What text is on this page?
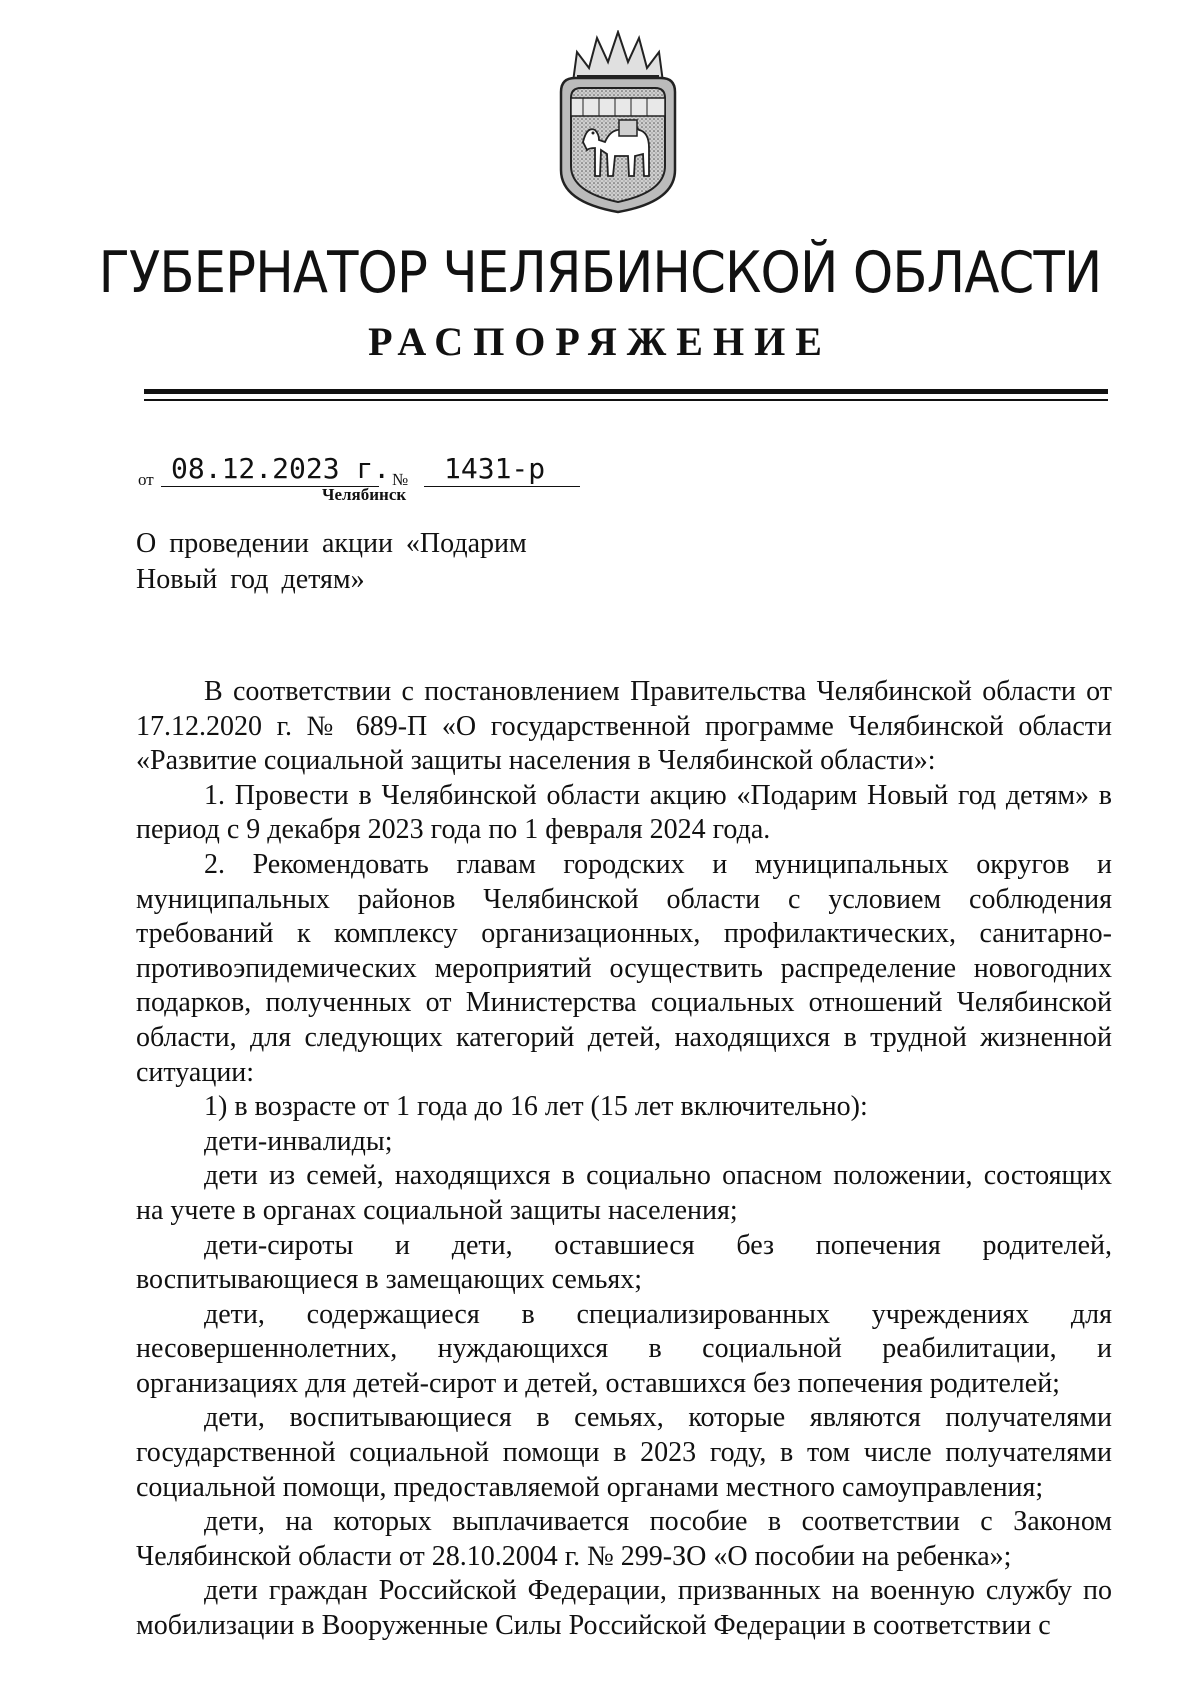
ГУБЕРНАТОР ЧЕЛЯБИНСКОЙ ОБЛАСТИ
РАСПОРЯЖЕНИЕ
от 08.12.2023 г. №	1431-р
Челябинск
О проведении акции «Подарим
Новый год детям»

В соответствии с постановлением Правительства Челябинской области от 17.12.2020 г. № 689-П «О государственной программе Челябинской области «Развитие социальной защиты населения в Челябинской области»:

1. Провести в Челябинской области акцию «Подарим Новый год детям» в период с 9 декабря 2023 года по 1 февраля 2024 года.

2. Рекомендовать главам городских и муниципальных округов и муниципальных районов Челябинской области с условием соблюдения требований к комплексу организационных, профилактических, санитарно-противоэпидемических мероприятий осуществить распределение новогодних подарков, полученных от Министерства социальных отношений Челябинской области, для следующих категорий детей, находящихся в трудной жизненной ситуации:

1) в возрасте от 1 года до 16 лет (15 лет включительно):

дети-инвалиды;

дети из семей, находящихся в социально опасном положении, состоящих на учете в органах социальной защиты населения;

дети-сироты и дети, оставшиеся без попечения родителей, воспитывающиеся в замещающих семьях;

дети, содержащиеся в специализированных учреждениях для несовершеннолетних, нуждающихся в социальной реабилитации, и организациях для детей-сирот и детей, оставшихся без попечения родителей;

дети, воспитывающиеся в семьях, которые являются получателями государственной социальной помощи в 2023 году, в том числе получателями социальной помощи, предоставляемой органами местного самоуправления;

дети, на которых выплачивается пособие в соответствии с Законом Челябинской области от 28.10.2004 г. № 299-ЗО «О пособии на ребенка»;

дети граждан Российской Федерации, призванных на военную службу по мобилизации в Вооруженные Силы Российской Федерации в соответствии с
